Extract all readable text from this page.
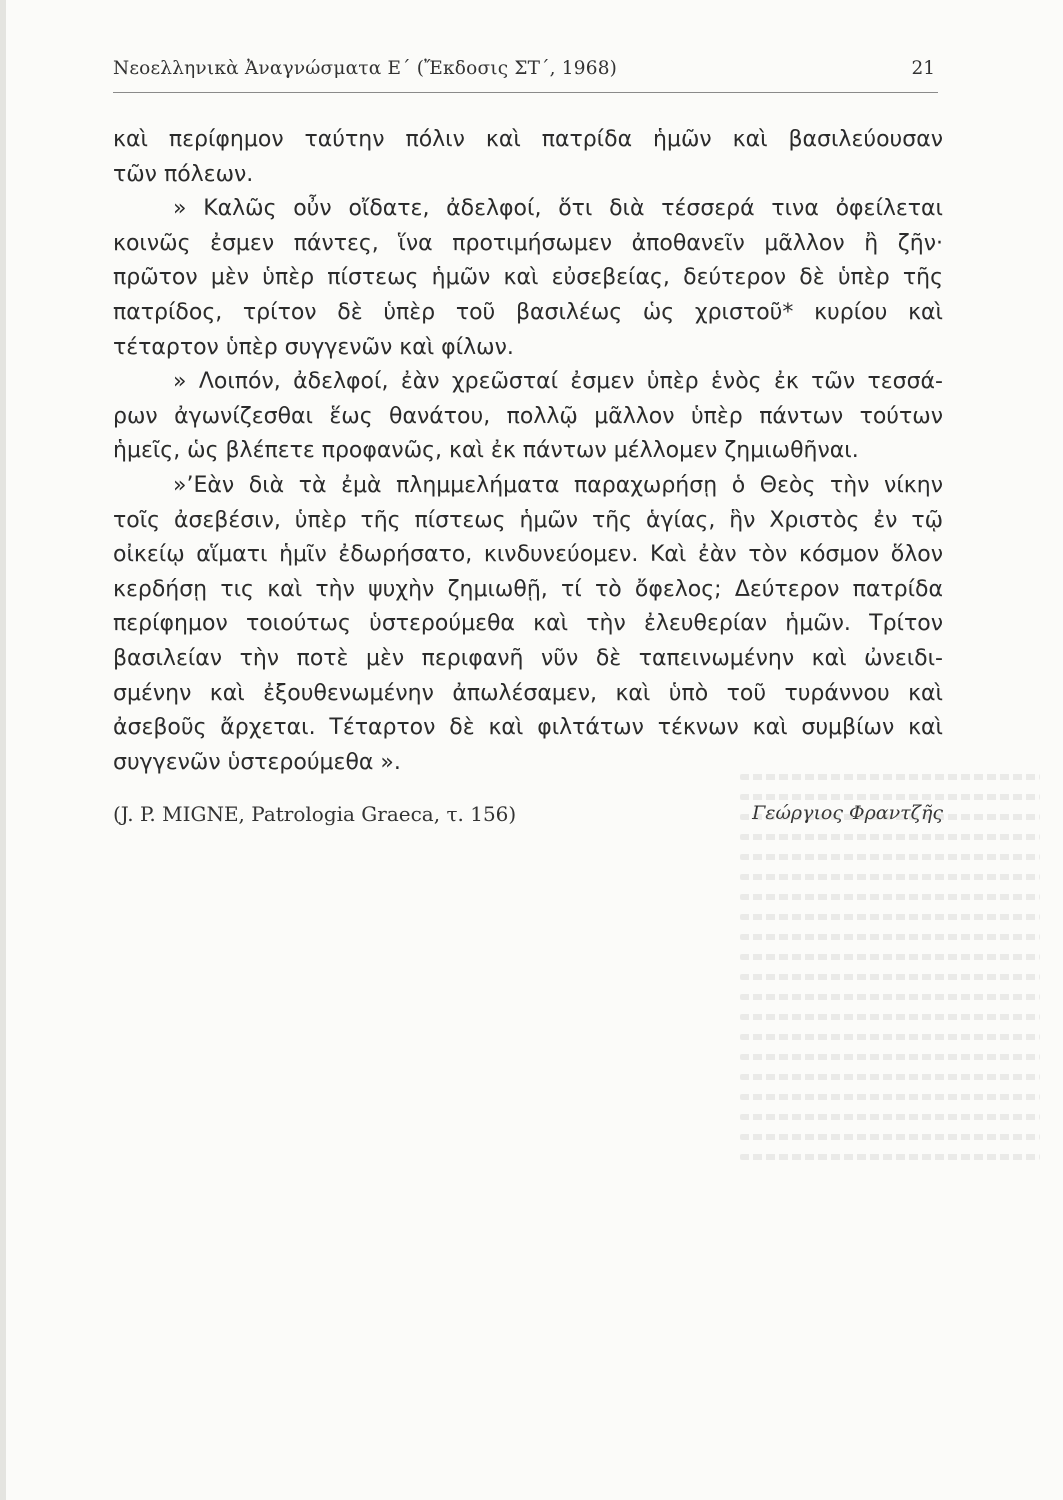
Νεοελληνικὰ Ἀναγνώσματα Ε΄ (Ἔκδοσις ΣΤ΄, 1968)	21
καὶ περίφημον ταύτην πόλιν καὶ πατρίδα ἡμῶν καὶ βασιλεύουσαν
τῶν πόλεων.
» Καλῶς οὖν οἴδατε, ἀδελφοί, ὅτι διὰ τέσσερά τινα ὀφείλεται
κοινῶς ἐσμεν πάντες, ἵνα προτιμήσωμεν ἀποθανεῖν μᾶλλον ἢ ζῆν·
πρῶτον μὲν ὑπὲρ πίστεως ἡμῶν καὶ εὐσεβείας, δεύτερον δὲ ὑπὲρ τῆς
πατρίδος, τρίτον δὲ ὑπὲρ τοῦ βασιλέως ὡς χριστοῦ* κυρίου καὶ
τέταρτον ὑπὲρ συγγενῶν καὶ φίλων.
» Λοιπόν, ἀδελφοί, ἐὰν χρεῶσταί ἐσμεν ὑπὲρ ἑνὸς ἐκ τῶν τεσσά-
ρων ἀγωνίζεσθαι ἕως θανάτου, πολλῷ μᾶλλον ὑπὲρ πάντων τούτων
ἡμεῖς, ὡς βλέπετε προφανῶς, καὶ ἐκ πάντων μέλλομεν ζημιωθῆναι.
»’Εὰν διὰ τὰ ἐμὰ πλημμελήματα παραχωρήσῃ ὁ Θεὸς τὴν νίκην
τοῖς ἀσεβέσιν, ὑπὲρ τῆς πίστεως ἡμῶν τῆς ἁγίας, ἣν Χριστὸς ἐν τῷ
οἰκείῳ αἵματι ἡμῖν ἐδωρήσατο, κινδυνεύομεν. Καὶ ἐὰν τὸν κόσμον ὅλον
κερδήσῃ τις καὶ τὴν ψυχὴν ζημιωθῇ, τί τὸ ὄφελος; Δεύτερον πατρίδα
περίφημον τοιούτως ὑστερούμεθα καὶ τὴν ἐλευθερίαν ἡμῶν. Τρίτον
βασιλείαν τὴν ποτὲ μὲν περιφανῆ νῦν δὲ ταπεινωμένην καὶ ὠνειδι-
σμένην καὶ ἐξουθενωμένην ἀπωλέσαμεν, καὶ ὑπὸ τοῦ τυράννου καὶ
ἀσεβοῦς ἄρχεται. Τέταρτον δὲ καὶ φιλτάτων τέκνων καὶ συμβίων καὶ
συγγενῶν ὑστερούμεθα ».
(J. P. MIGNE, Patrologia Graeca, τ. 156)	Γεώργιος Φραντζῆς
